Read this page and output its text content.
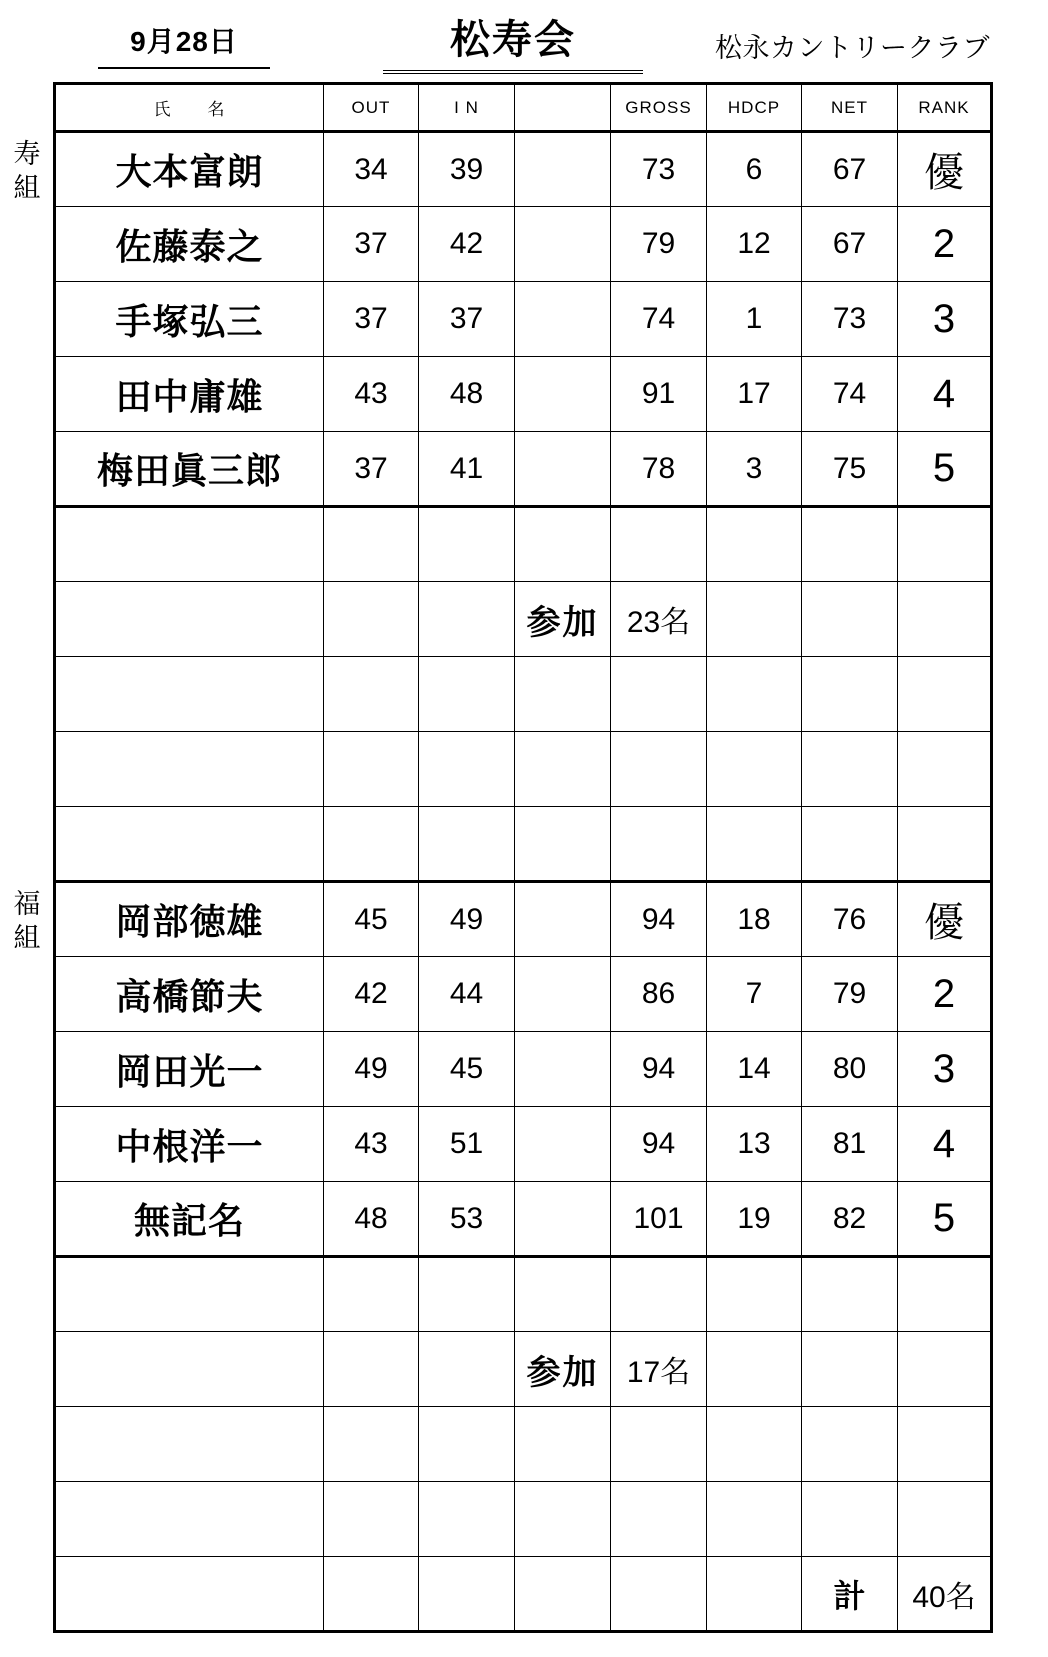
9月28日	松寿会	松永カントリークラブ
寿組
福組
氏　　名	OUT	I N		GROSS	HDCP	NET	RANK
大本富朗	34	39		73	6	67	優
佐藤泰之	37	42		79	12	67	2
手塚弘三	37	37		74	1	73	3
田中庸雄	43	48		91	17	74	4
梅田眞三郎	37	41		78	3	75	5

			参加	23名			

岡部徳雄	45	49		94	18	76	優
高橋節夫	42	44		86	7	79	2
岡田光一	49	45		94	14	80	3
中根洋一	43	51		94	13	81	4
無記名	48	53		101	19	82	5

			参加	17名			

						計	40名
